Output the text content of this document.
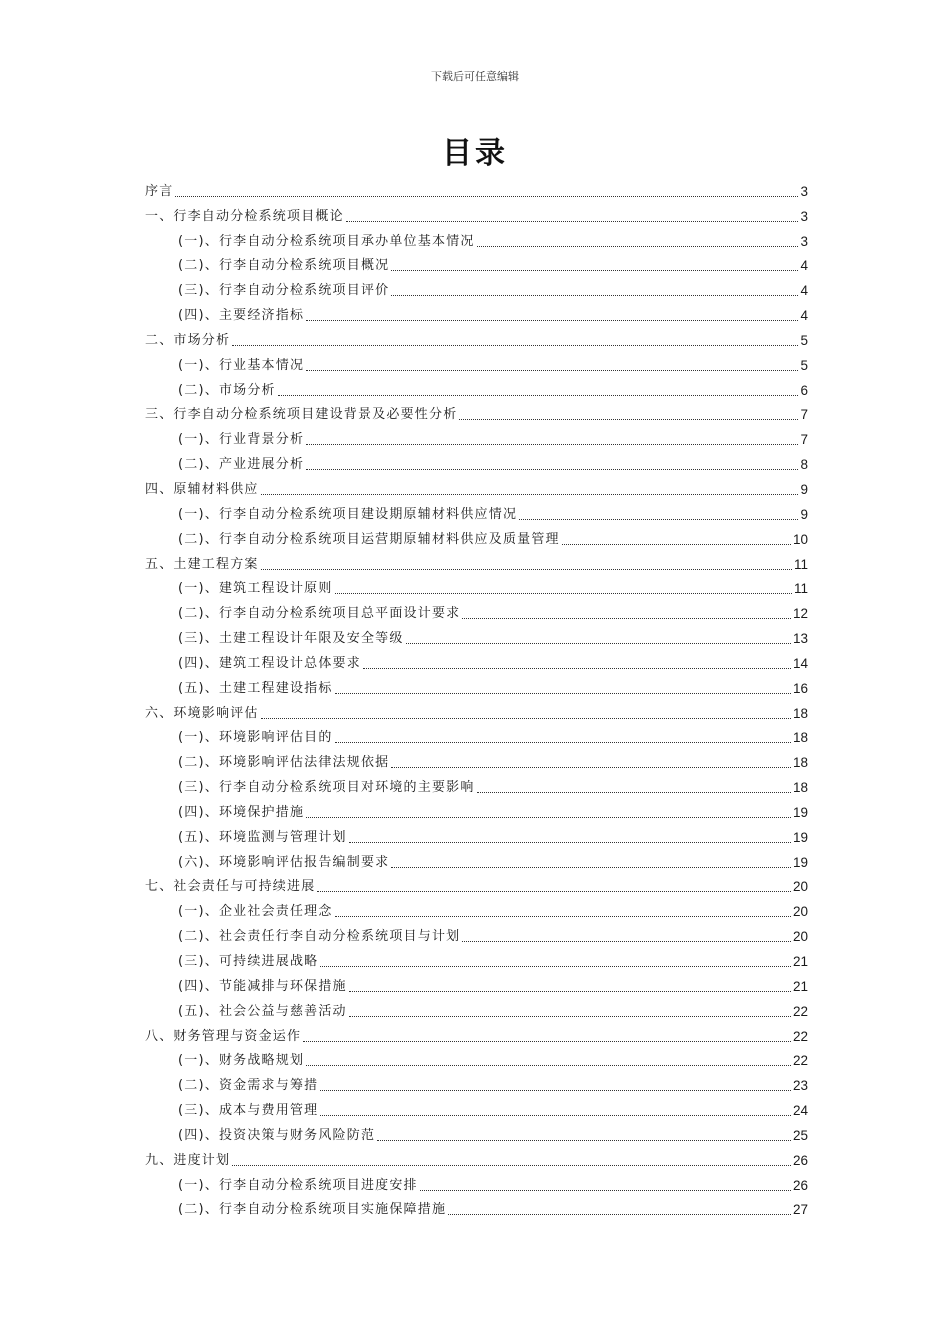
下载后可任意编辑
目录
序言	3
一、行李自动分检系统项目概论	3
(一)、行李自动分检系统项目承办单位基本情况	3
(二)、行李自动分检系统项目概况	4
(三)、行李自动分检系统项目评价	4
(四)、主要经济指标	4
二、市场分析	5
(一)、行业基本情况	5
(二)、市场分析	6
三、行李自动分检系统项目建设背景及必要性分析	7
(一)、行业背景分析	7
(二)、产业进展分析	8
四、原辅材料供应	9
(一)、行李自动分检系统项目建设期原辅材料供应情况	9
(二)、行李自动分检系统项目运营期原辅材料供应及质量管理	10
五、土建工程方案	11
(一)、建筑工程设计原则	11
(二)、行李自动分检系统项目总平面设计要求	12
(三)、土建工程设计年限及安全等级	13
(四)、建筑工程设计总体要求	14
(五)、土建工程建设指标	16
六、环境影响评估	18
(一)、环境影响评估目的	18
(二)、环境影响评估法律法规依据	18
(三)、行李自动分检系统项目对环境的主要影响	18
(四)、环境保护措施	19
(五)、环境监测与管理计划	19
(六)、环境影响评估报告编制要求	19
七、社会责任与可持续进展	20
(一)、企业社会责任理念	20
(二)、社会责任行李自动分检系统项目与计划	20
(三)、可持续进展战略	21
(四)、节能减排与环保措施	21
(五)、社会公益与慈善活动	22
八、财务管理与资金运作	22
(一)、财务战略规划	22
(二)、资金需求与筹措	23
(三)、成本与费用管理	24
(四)、投资决策与财务风险防范	25
九、进度计划	26
(一)、行李自动分检系统项目进度安排	26
(二)、行李自动分检系统项目实施保障措施	27
